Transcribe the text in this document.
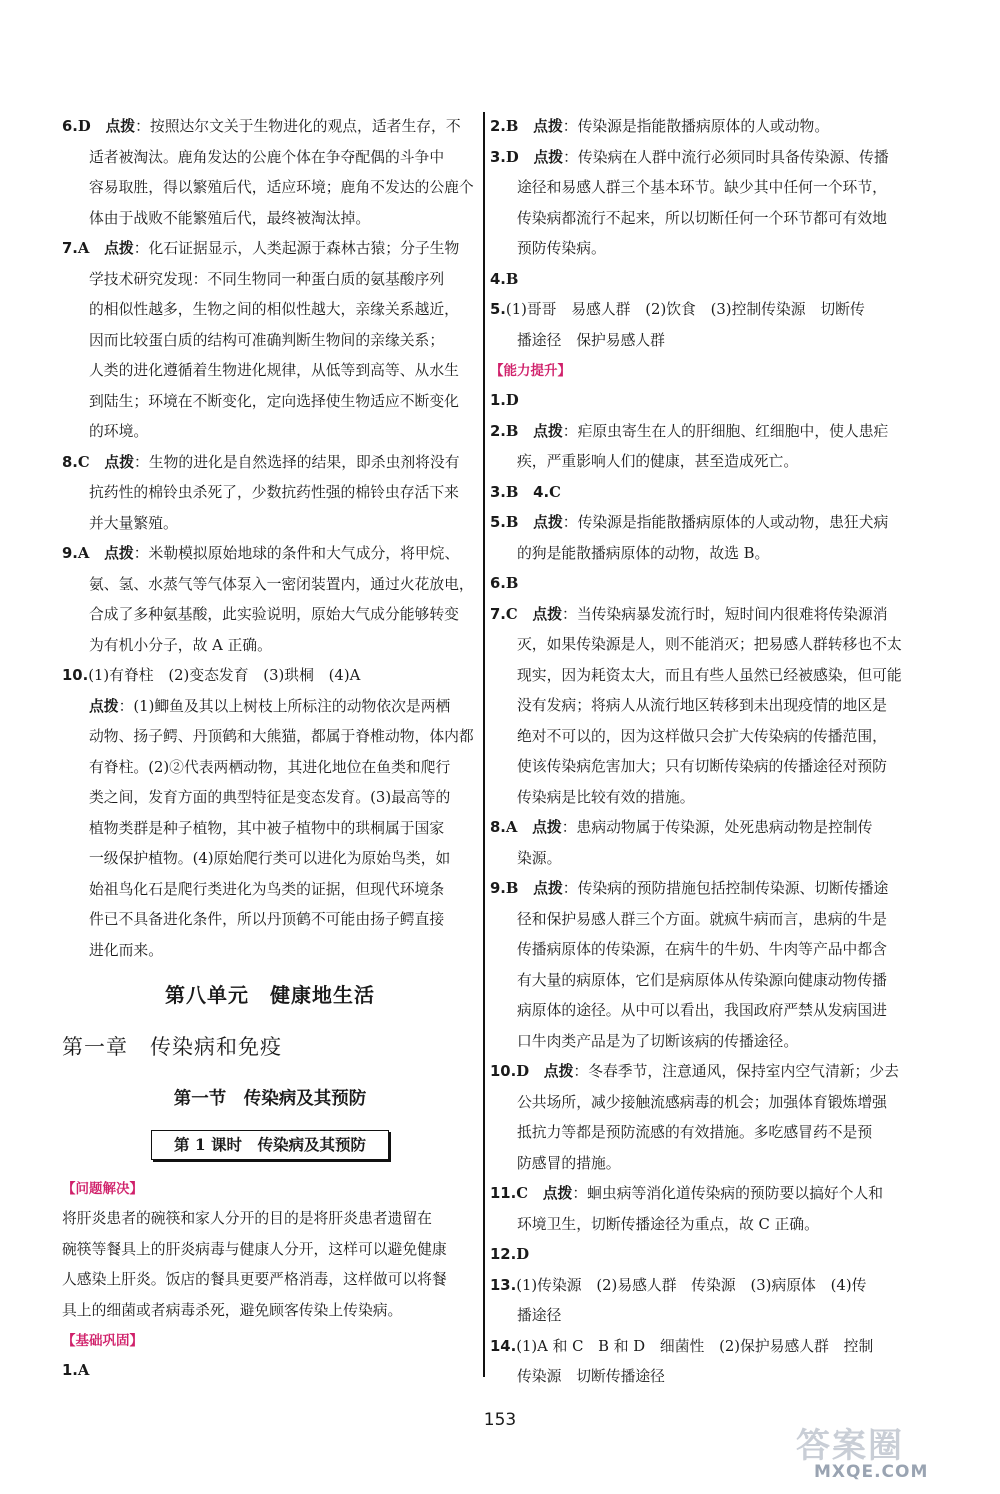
6.D 点拨：按照达尔文关于生物进化的观点，适者生存，不
适者被淘汰。鹿角发达的公鹿个体在争夺配偶的斗争中
容易取胜，得以繁殖后代，适应环境；鹿角不发达的公鹿个
体由于战败不能繁殖后代，最终被淘汰掉。

7.A 点拨：化石证据显示，人类起源于森林古猿；分子生物
学技术研究发现：不同生物同一种蛋白质的氨基酸序列
的相似性越多，生物之间的相似性越大，亲缘关系越近，
因而比较蛋白质的结构可准确判断生物间的亲缘关系；
人类的进化遵循着生物进化规律，从低等到高等、从水生
到陆生；环境在不断变化，定向选择使生物适应不断变化
的环境。

8.C 点拨：生物的进化是自然选择的结果，即杀虫剂将没有
抗药性的棉铃虫杀死了，少数抗药性强的棉铃虫存活下来
并大量繁殖。

9.A 点拨：米勒模拟原始地球的条件和大气成分，将甲烷、
氨、氢、水蒸气等气体泵入一密闭装置内，通过火花放电，
合成了多种氨基酸，此实验说明，原始大气成分能够转变
为有机小分子，故 A 正确。

10.(1)有脊柱　(2)变态发育　(3)珙桐　(4)A
点拨：(1)鲫鱼及其以上树枝上所标注的动物依次是两栖
动物、扬子鳄、丹顶鹤和大熊猫，都属于脊椎动物，体内都
有脊柱。(2)②代表两栖动物，其进化地位在鱼类和爬行
类之间，发育方面的典型特征是变态发育。(3)最高等的
植物类群是种子植物，其中被子植物中的珙桐属于国家
一级保护植物。(4)原始爬行类可以进化为原始鸟类，如
始祖鸟化石是爬行类进化为鸟类的证据，但现代环境条
件已不具备进化条件，所以丹顶鹤不可能由扬子鳄直接
进化而来。

第八单元　健康地生活
第一章　传染病和免疫
第一节　传染病及其预防
第 1 课时　传染病及其预防
【问题解决】

将肝炎患者的碗筷和家人分开的目的是将肝炎患者遗留在
碗筷等餐具上的肝炎病毒与健康人分开，这样可以避免健康
人感染上肝炎。饭店的餐具更要严格消毒，这样做可以将餐
具上的细菌或者病毒杀死，避免顾客传染上传染病。

【基础巩固】

1.A

2.B 点拨：传染源是指能散播病原体的人或动物。

3.D 点拨：传染病在人群中流行必须同时具备传染源、传播
途径和易感人群三个基本环节。缺少其中任何一个环节，
传染病都流行不起来，所以切断任何一个环节都可有效地
预防传染病。

4.B

5.(1)哥哥　易感人群　(2)饮食　(3)控制传染源　切断传
播途径　保护易感人群

【能力提升】

1.D

2.B 点拨：疟原虫寄生在人的肝细胞、红细胞中，使人患疟
疾，严重影响人们的健康，甚至造成死亡。

3.B 4.C

5.B 点拨：传染源是指能散播病原体的人或动物，患狂犬病
的狗是能散播病原体的动物，故选 B。

6.B

7.C 点拨：当传染病暴发流行时，短时间内很难将传染源消
灭，如果传染源是人，则不能消灭；把易感人群转移也不太
现实，因为耗资太大，而且有些人虽然已经被感染，但可能
没有发病；将病人从流行地区转移到未出现疫情的地区是
绝对不可以的，因为这样做只会扩大传染病的传播范围，
使该传染病危害加大；只有切断传染病的传播途径对预防
传染病是比较有效的措施。

8.A 点拨：患病动物属于传染源，处死患病动物是控制传
染源。

9.B 点拨：传染病的预防措施包括控制传染源、切断传播途
径和保护易感人群三个方面。就疯牛病而言，患病的牛是
传播病原体的传染源，在病牛的牛奶、牛肉等产品中都含
有大量的病原体，它们是病原体从传染源向健康动物传播
病原体的途径。从中可以看出，我国政府严禁从发病国进
口牛肉类产品是为了切断该病的传播途径。

10.D 点拨：冬春季节，注意通风，保持室内空气清新；少去
公共场所，减少接触流感病毒的机会；加强体育锻炼增强
抵抗力等都是预防流感的有效措施。多吃感冒药不是预
防感冒的措施。

11.C 点拨：蛔虫病等消化道传染病的预防要以搞好个人和
环境卫生，切断传播途径为重点，故 C 正确。

12.D

13.(1)传染源　(2)易感人群　传染源　(3)病原体　(4)传
播途径

14.(1)A 和 C　B 和 D　细菌性　(2)保护易感人群　控制
传染源　切断传播途径

153
答案圈
MXQE.COM
